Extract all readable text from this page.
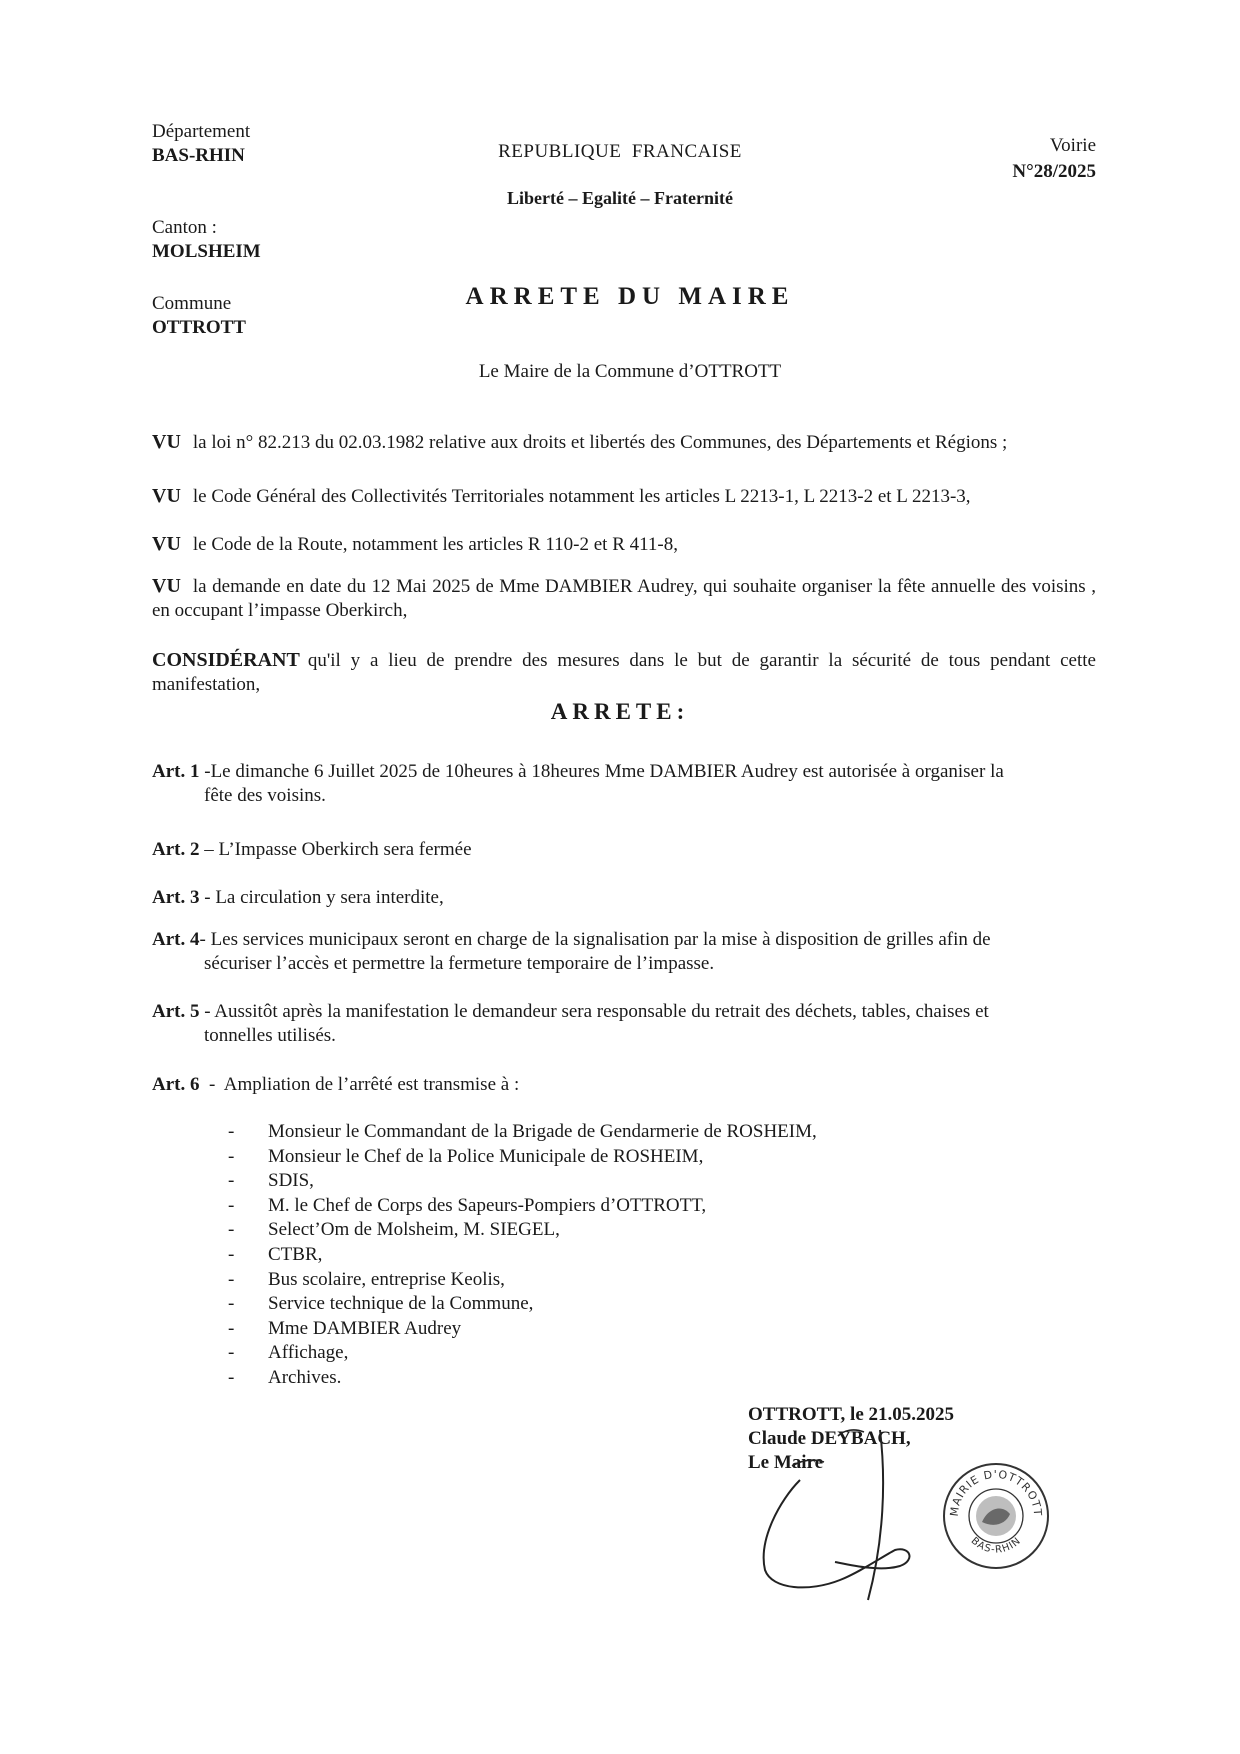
Département
BAS-RHIN
Canton :
MOLSHEIM
Commune
OTTROTT
REPUBLIQUE  FRANCAISE
Liberté – Egalité – Fraternité
Voirie
N°28/2025
ARRETE DU MAIRE
Le Maire de la Commune d’OTTROTT
VU la loi n° 82.213 du 02.03.1982 relative aux droits et libertés des Communes, des Départements et Régions ;
VU le Code Général des Collectivités Territoriales notamment les articles L 2213-1, L 2213-2 et L 2213-3,
VU le Code de la Route, notamment les articles R 110-2 et R 411-8,
VU la demande en date du 12 Mai 2025 de Mme DAMBIER Audrey, qui souhaite organiser la fête annuelle des voisins , en occupant l’impasse Oberkirch,
CONSIDÉRANT qu'il y a lieu de prendre des mesures dans le but de garantir la sécurité de tous pendant cette manifestation,
ARRETE:
Art. 1 -Le dimanche 6 Juillet 2025 de 10heures à 18heures Mme DAMBIER Audrey est autorisée à organiser la
fête des voisins.
Art. 2 – L’Impasse Oberkirch sera fermée
Art. 3 - La circulation y sera interdite,
Art. 4- Les services municipaux seront en charge de la signalisation par la mise à disposition de grilles afin de
sécuriser l’accès et permettre la fermeture temporaire de l’impasse.
Art. 5 - Aussitôt après la manifestation le demandeur sera responsable du retrait des déchets, tables, chaises et
tonnelles utilisés.
Art. 6  -  Ampliation de l’arrêté est transmise à :
-	Monsieur le Commandant de la Brigade de Gendarmerie de ROSHEIM,
-	Monsieur le Chef de la Police Municipale de ROSHEIM,
-	SDIS,
-	M. le Chef de Corps des Sapeurs-Pompiers d’OTTROTT,
-	Select’Om de Molsheim, M. SIEGEL,
-	CTBR,
-	Bus scolaire, entreprise Keolis,
-	Service technique de la Commune,
-	Mme DAMBIER Audrey
-	Affichage,
-	Archives.
OTTROTT, le 21.05.2025
Claude DEYBACH,
Le Maire
MAIRIE D'OTTROTT
BAS-RHIN
